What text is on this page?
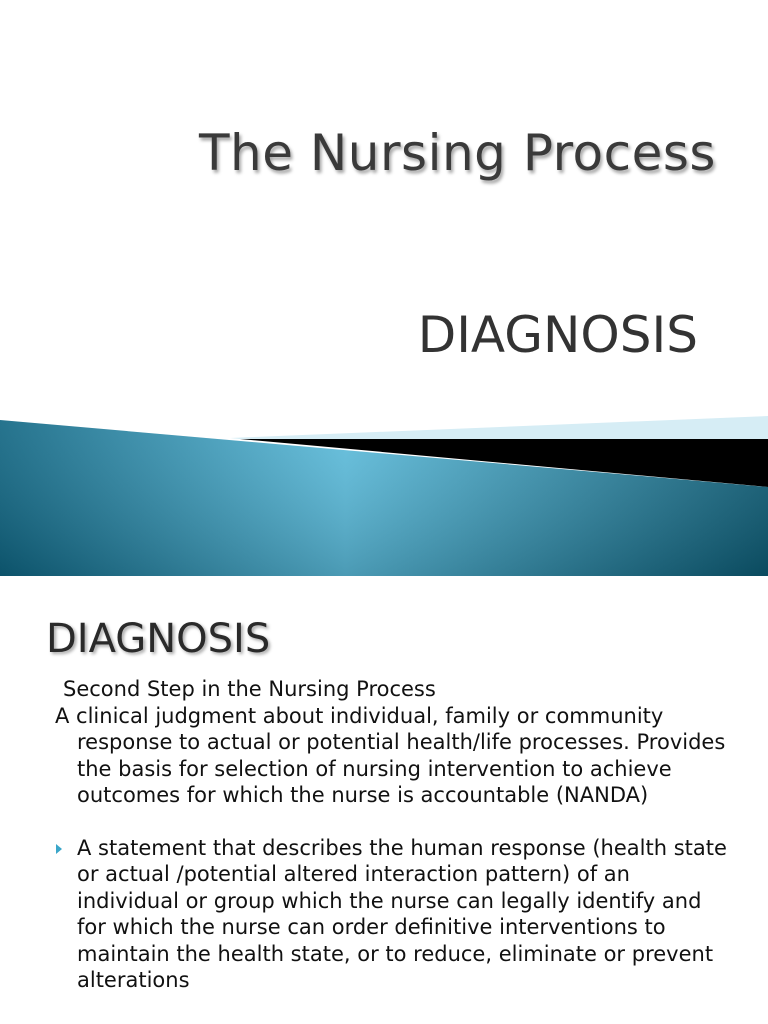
The Nursing Process
DIAGNOSIS
DIAGNOSIS
Second Step in the Nursing Process
A clinical judgment about individual, family or community response to actual or potential health/life processes. Provides the basis for selection of nursing intervention to achieve outcomes for which the nurse is accountable (NANDA)
A statement that describes the human response (health state or actual /potential altered interaction pattern) of an individual or group which the nurse can legally identify and for which the nurse can order definitive interventions to maintain the health state, or to reduce, eliminate or prevent alterations
